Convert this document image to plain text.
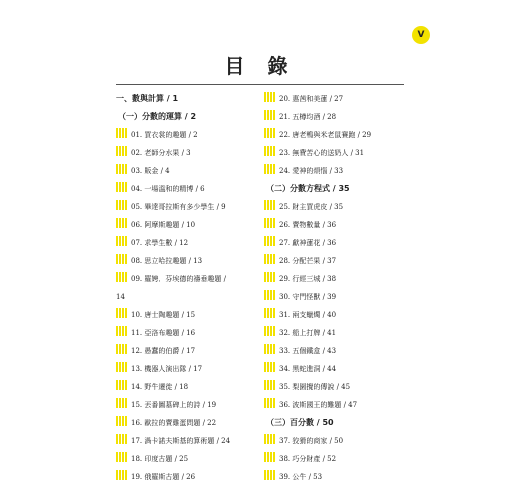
V
目 錄
一、數與計算 / 1
（一）分數的運算 / 2
01. 買衣裳的趣題 / 2
02. 老師分水果 / 3
03. 販金 / 4
04. 一場溫和的精博 / 6
05. 畢達哥拉斯有多少學生 / 9
06. 阿摩斯趣題 / 10
07. 求學生數 / 12
08. 思立哈拉趣題 / 13
09. 羅娉．芬埃德的禱垂趣題 /
14
10. 唐士陶趣題 / 15
11. 亞洛布趣題 / 16
12. 愚蠢的伯爵 / 17
13. 機器人演出隊 / 17
14. 野牛遷徙 / 18
15. 丟番圖墓碑上的詩 / 19
16. 歐拉的賣雞蛋問題 / 22
17. 渦卡諾夫斯基的算術題 / 24
18. 印度古題 / 25
19. 俄羅斯古題 / 26
20. 惠茜和美蓮 / 27
21. 五樽均酒 / 28
22. 唐老鴨與米老鼠賽跑 / 29
23. 無費苦心的送奶人 / 31
24. 愛神的煩惱 / 33
（二）分數方程式 / 35
25. 財主買虎皮 / 35
26. 賣物數量 / 36
27. 獻神蓮花 / 36
28. 分配芒果 / 37
29. 行經三城 / 38
30. 守門怪獸 / 39
31. 兩支蠟燭 / 40
32. 船上打牌 / 41
33. 五個鐵盒 / 43
34. 黑蛇進洞 / 44
35. 梨園攪的傳說 / 45
36. 波斯國王的難題 / 47
（三）百分數 / 50
37. 狡猾的商家 / 50
38. 巧分財產 / 52
39. 公牛 / 53
